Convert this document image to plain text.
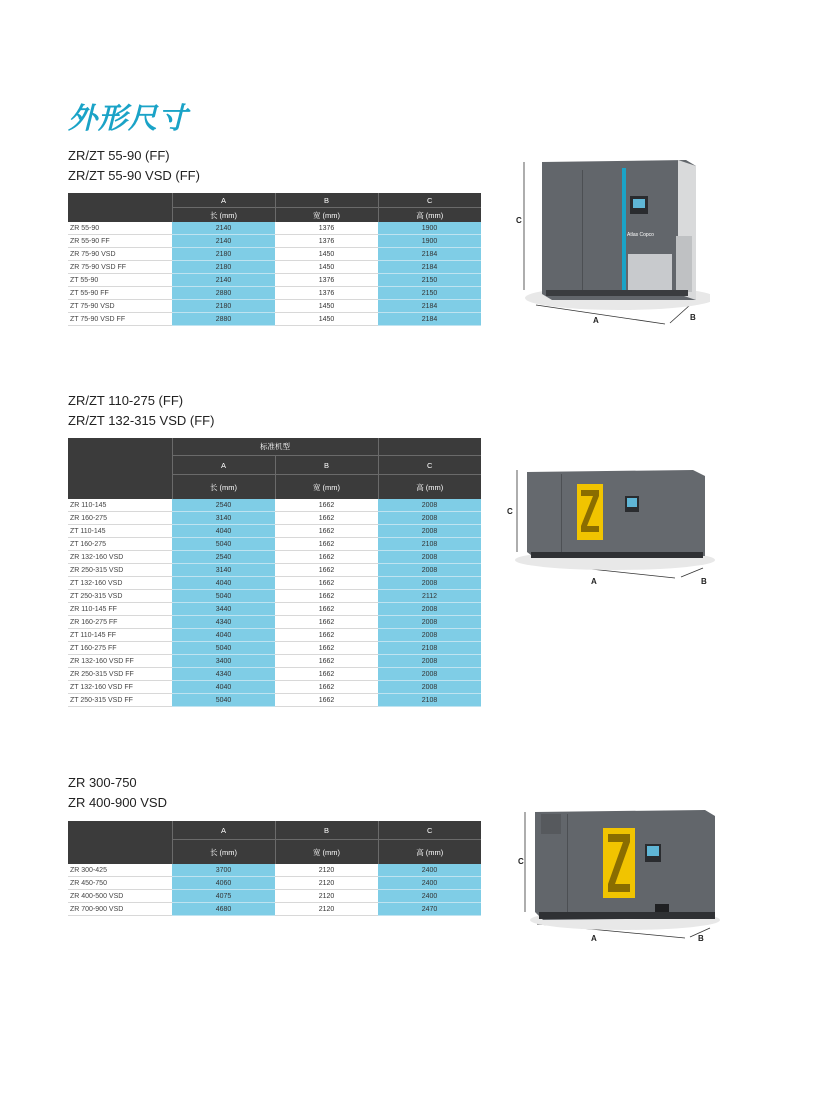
外形尺寸
ZR/ZT 55-90 (FF)
ZR/ZT 55-90 VSD (FF)
	A	B	C
	长 (mm)	宽 (mm)	高 (mm)
ZR 55-90	2140	1376	1900
ZR 55-90 FF	2140	1376	1900
ZR 75-90 VSD	2180	1450	2184
ZR 75-90 VSD FF	2180	1450	2184
ZT 55-90	2140	1376	2150
ZT 55-90 FF	2880	1376	2150
ZT 75-90 VSD	2180	1450	2184
ZT 75-90 VSD FF	2880	1450	2184
C
A	B
Atlas Copco
ZR/ZT 110-275 (FF)
ZR/ZT 132-315 VSD (FF)
	标准机型		
	A	B	C
	长 (mm)	宽 (mm)	高 (mm)
ZR 110-145	2540	1662	2008
ZR 160-275	3140	1662	2008
ZT 110-145	4040	1662	2008
ZT 160-275	5040	1662	2108
ZR 132-160 VSD	2540	1662	2008
ZR 250-315 VSD	3140	1662	2008
ZT 132-160 VSD	4040	1662	2008
ZT 250-315 VSD	5040	1662	2112
ZR 110-145 FF	3440	1662	2008
ZR 160-275 FF	4340	1662	2008
ZT 110-145 FF	4040	1662	2008
ZT 160-275 FF	5040	1662	2108
ZR 132-160 VSD FF	3400	1662	2008
ZR 250-315 VSD FF	4340	1662	2008
ZT 132-160 VSD FF	4040	1662	2008
ZT 250-315 VSD FF	5040	1662	2108
C
A	B
ZR 300-750
ZR 400-900 VSD
	A	B	C
	长 (mm)	宽 (mm)	高 (mm)
ZR 300-425	3700	2120	2400
ZR 450-750	4060	2120	2400
ZR 400-500 VSD	4075	2120	2400
ZR 700-900 VSD	4680	2120	2470
C
A	B
